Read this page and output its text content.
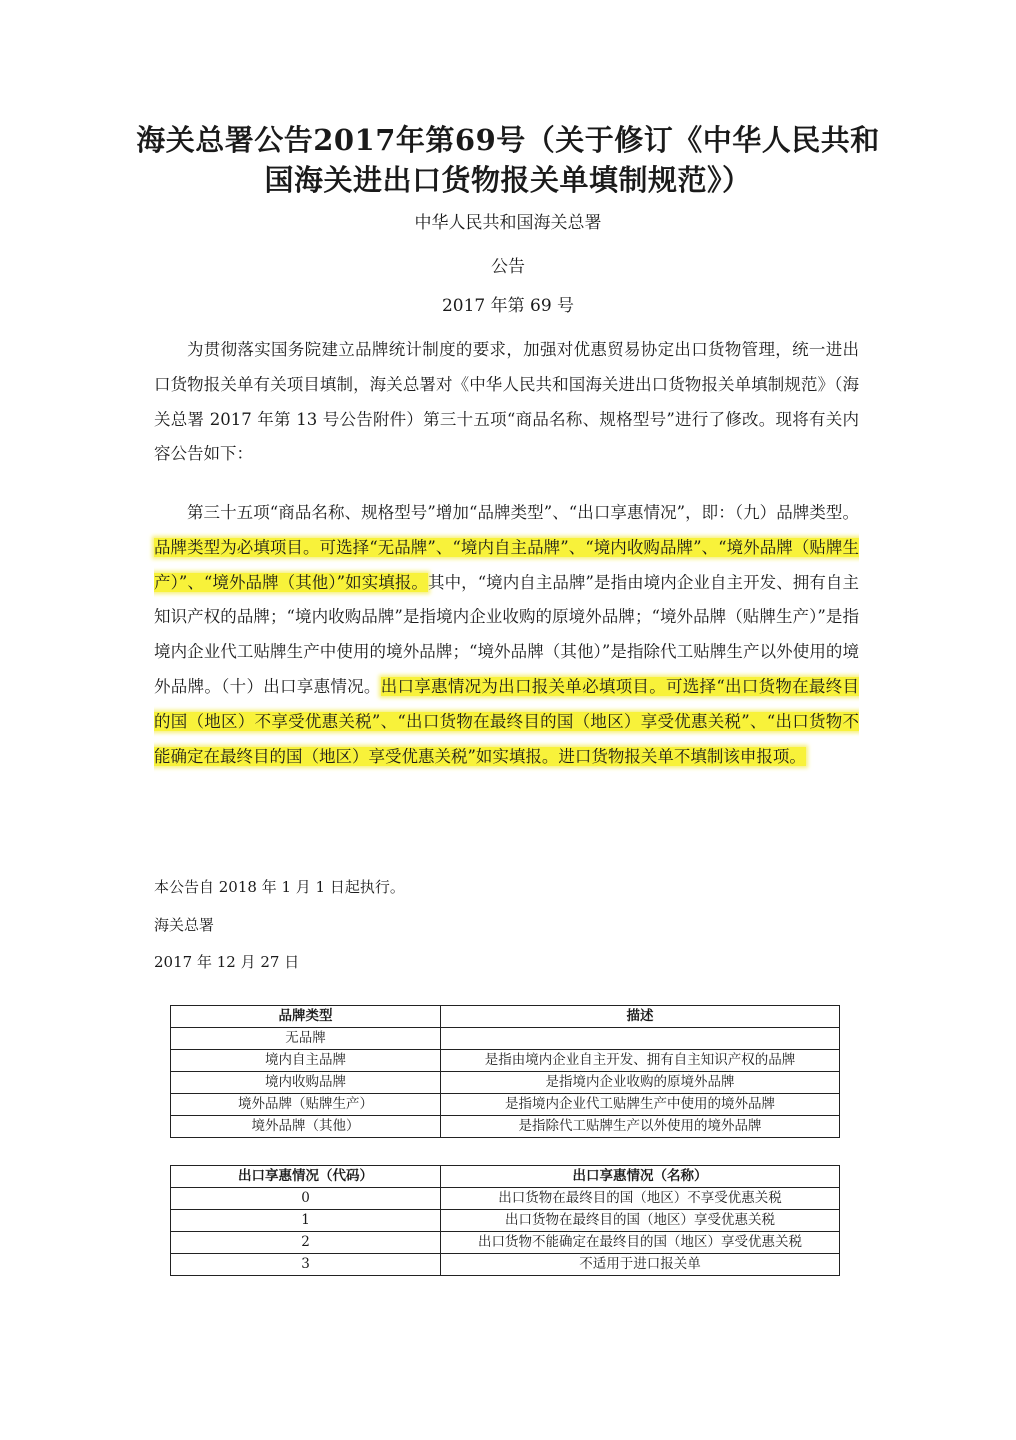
海关总署公告2017年第69号（关于修订《中华人民共和
国海关进出口货物报关单填制规范》）

中华人民共和国海关总署

公告

2017 年第 69 号

为贯彻落实国务院建立品牌统计制度的要求，加强对优惠贸易协定出口货物管理，统一进出口货物报关单有关项目填制，海关总署对《中华人民共和国海关进出口货物报关单填制规范》（海关总署 2017 年第 13 号公告附件）第三十五项“商品名称、规格型号”进行了修改。现将有关内容公告如下：

第三十五项“商品名称、规格型号”增加“品牌类型”、“出口享惠情况”，即：（九）品牌类型。品牌类型为必填项目。可选择“无品牌”、“境内自主品牌”、“境内收购品牌”、“境外品牌（贴牌生产）”、“境外品牌（其他）”如实填报。其中，“境内自主品牌”是指由境内企业自主开发、拥有自主知识产权的品牌；“境内收购品牌”是指境内企业收购的原境外品牌；“境外品牌（贴牌生产）”是指境内企业代工贴牌生产中使用的境外品牌；“境外品牌（其他）”是指除代工贴牌生产以外使用的境外品牌。（十）出口享惠情况。出口享惠情况为出口报关单必填项目。可选择“出口货物在最终目的国（地区）不享受优惠关税”、“出口货物在最终目的国（地区）享受优惠关税”、“出口货物不能确定在最终目的国（地区）享受优惠关税”如实填报。进口货物报关单不填制该申报项。

本公告自 2018 年 1 月 1 日起执行。

海关总署

2017 年 12 月 27 日

品牌类型	描述
无品牌	
境内自主品牌	是指由境内企业自主开发、拥有自主知识产权的品牌
境内收购品牌	是指境内企业收购的原境外品牌
境外品牌（贴牌生产）	是指境内企业代工贴牌生产中使用的境外品牌
境外品牌（其他）	是指除代工贴牌生产以外使用的境外品牌
出口享惠情况（代码）	出口享惠情况（名称）
0	出口货物在最终目的国（地区）不享受优惠关税
1	出口货物在最终目的国（地区）享受优惠关税
2	出口货物不能确定在最终目的国（地区）享受优惠关税
3	不适用于进口报关单
